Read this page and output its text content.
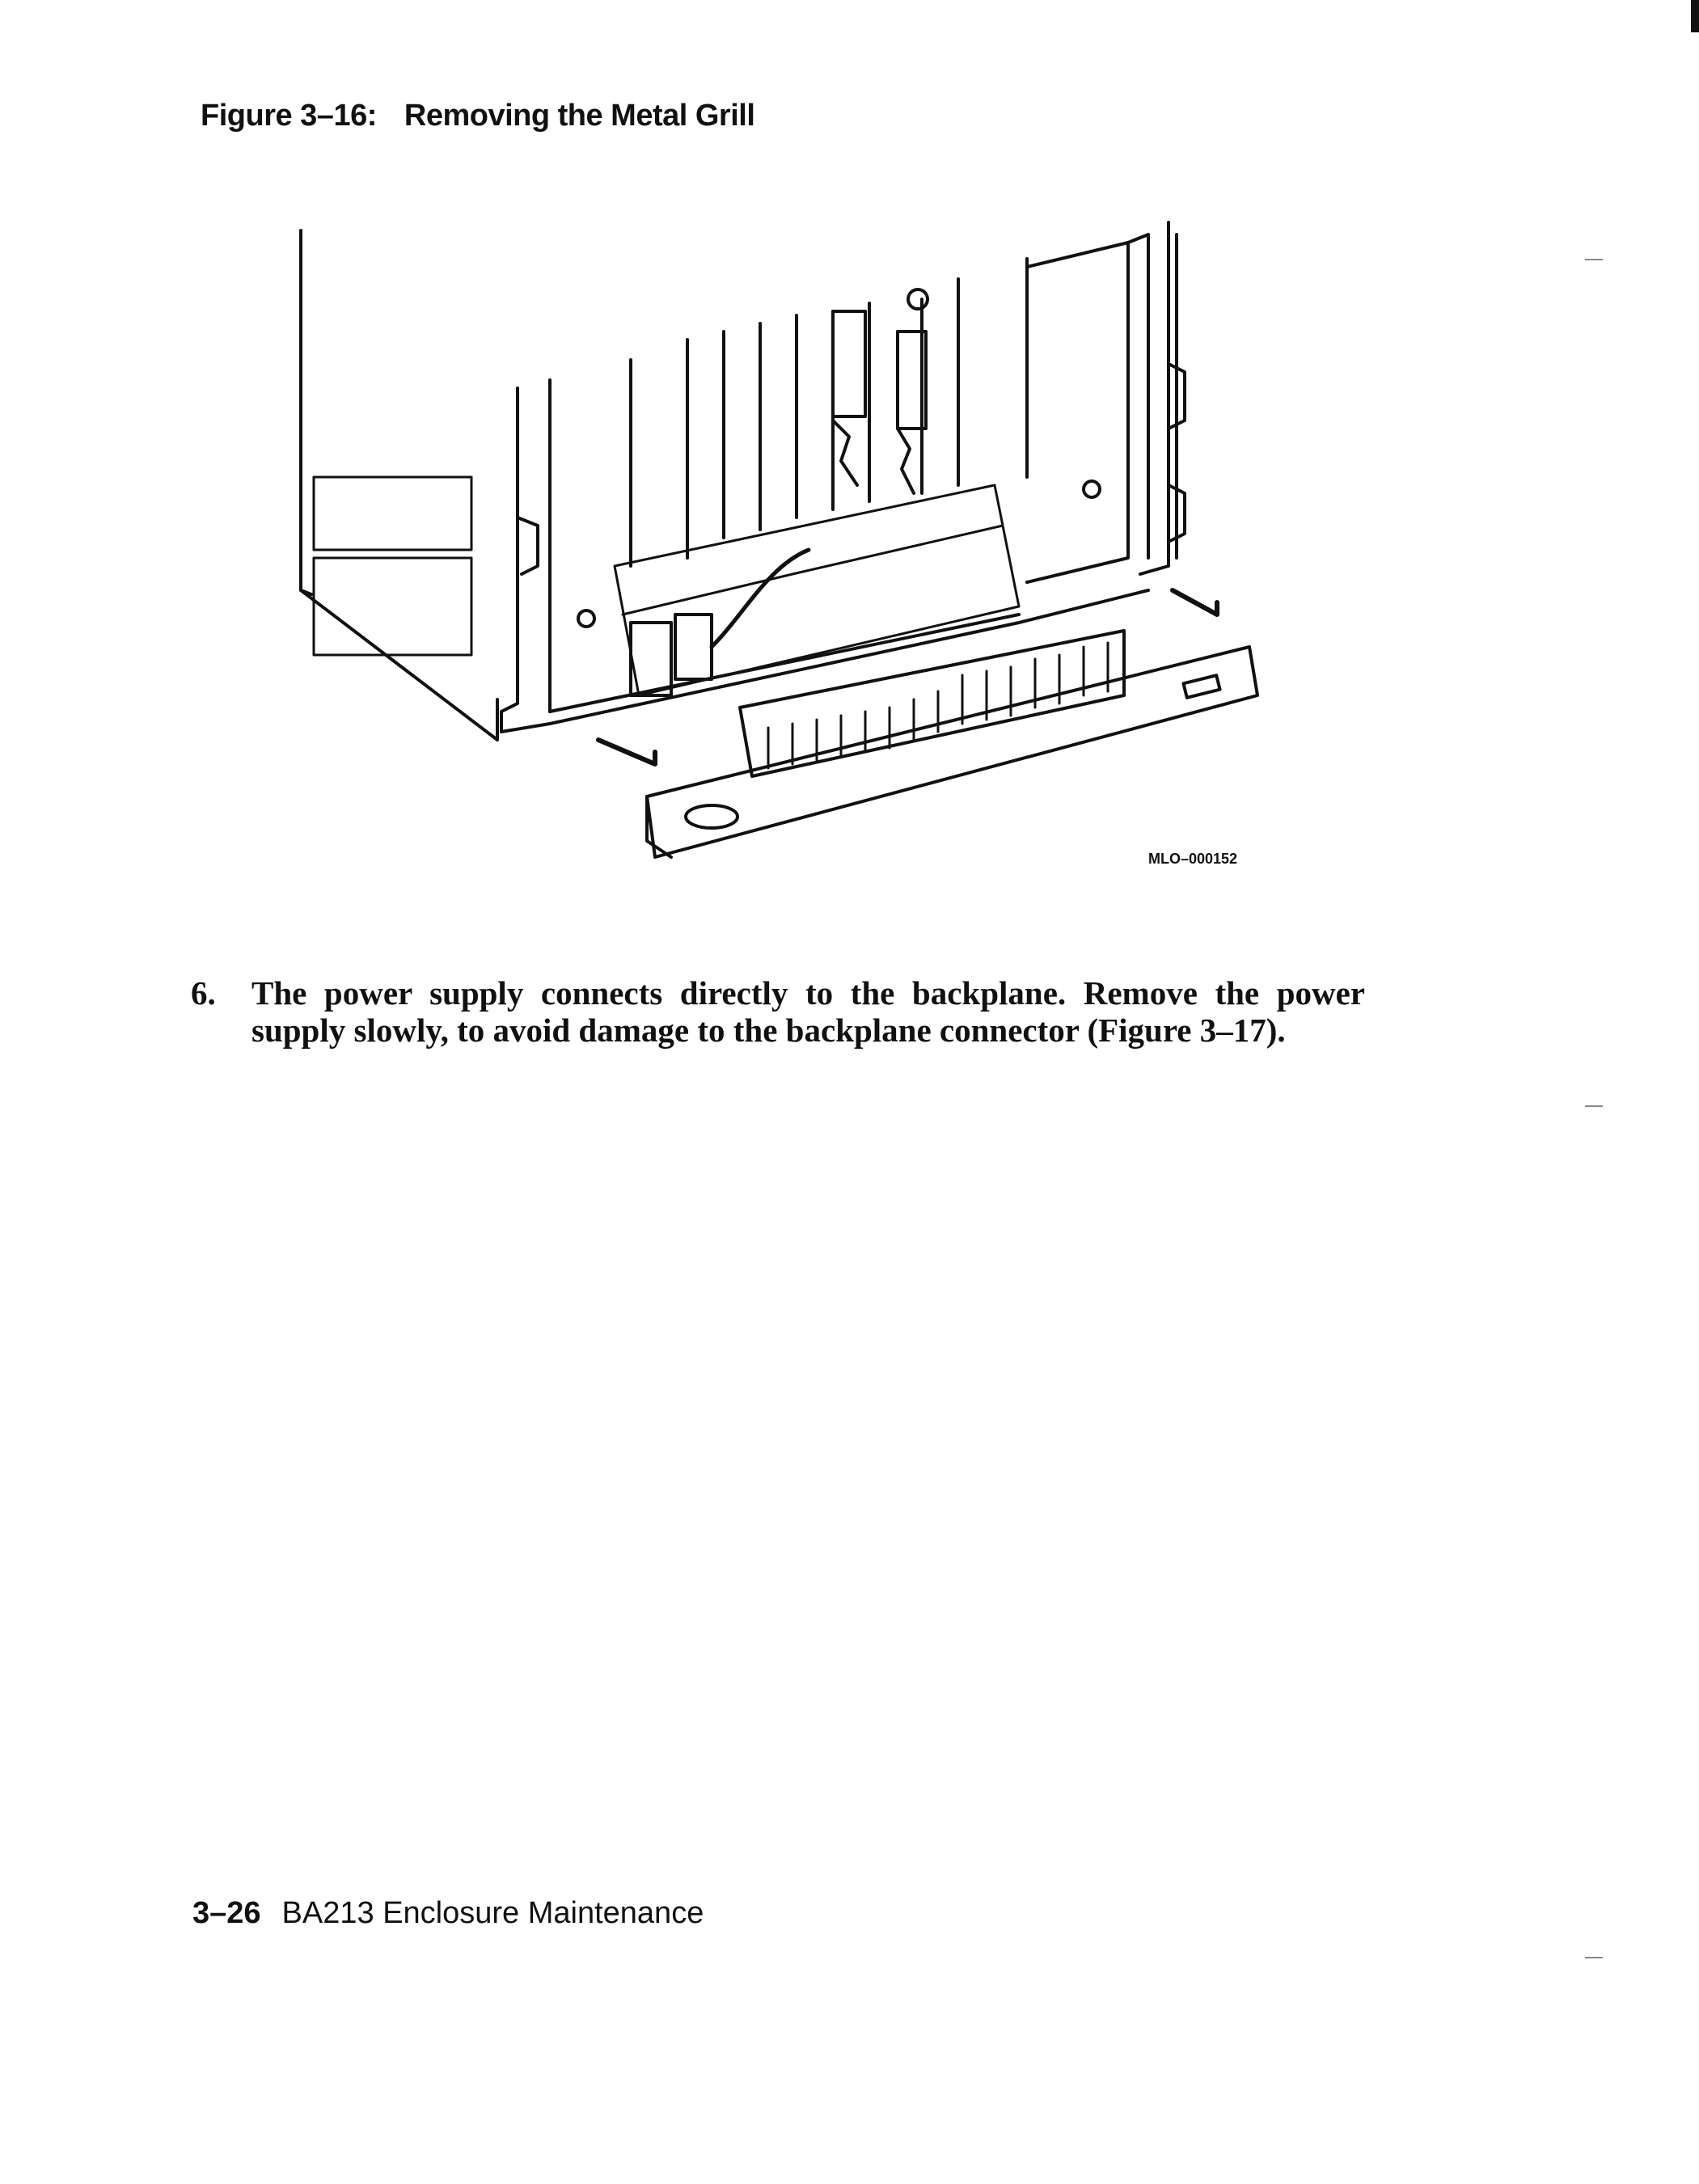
Figure 3–16: Removing the Metal Grill
MLO–000152
6. The power supply connects directly to the backplane. Remove the power supply slowly, to avoid damage to the backplane connector (Figure 3–17).
3–26 BA213 Enclosure Maintenance
